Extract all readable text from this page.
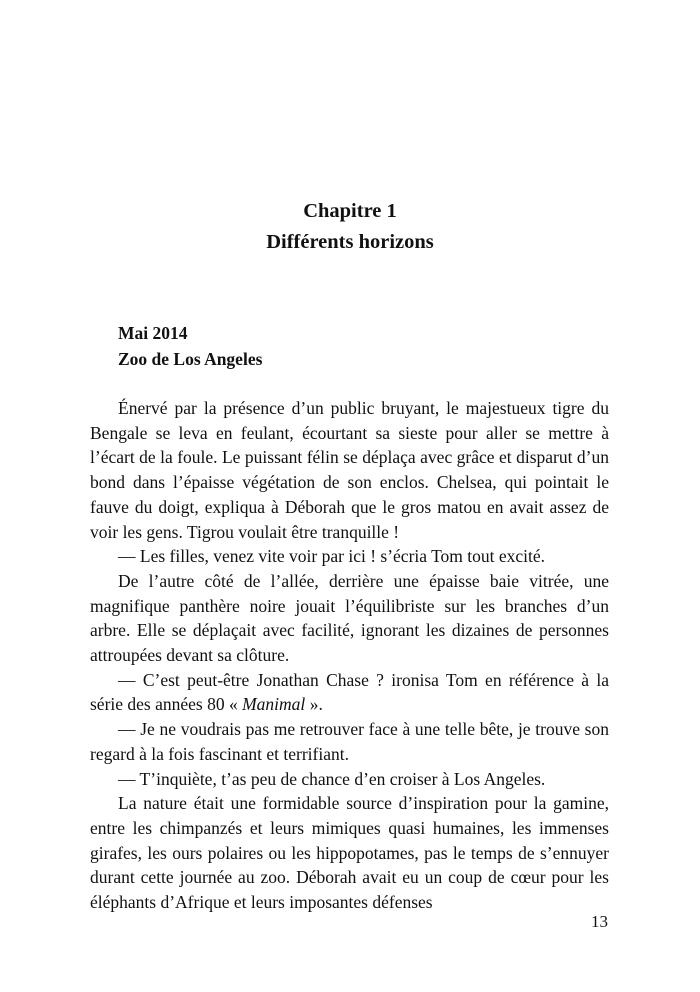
Chapitre 1
Différents horizons
Mai 2014
Zoo de Los Angeles

Énervé par la présence d’un public bruyant, le majestueux tigre du Bengale se leva en feulant, écourtant sa sieste pour aller se mettre à l’écart de la foule. Le puissant félin se déplaça avec grâce et disparut d’un bond dans l’épaisse végétation de son enclos. Chelsea, qui pointait le fauve du doigt, expliqua à Déborah que le gros matou en avait assez de voir les gens. Tigrou voulait être tranquille !

— Les filles, venez vite voir par ici ! s’écria Tom tout excité.

De l’autre côté de l’allée, derrière une épaisse baie vitrée, une magnifique panthère noire jouait l’équilibriste sur les branches d’un arbre. Elle se déplaçait avec facilité, ignorant les dizaines de personnes attroupées devant sa clôture.

— C’est peut-être Jonathan Chase ? ironisa Tom en référence à la série des années 80 « Manimal ».

— Je ne voudrais pas me retrouver face à une telle bête, je trouve son regard à la fois fascinant et terrifiant.

— T’inquiète, t’as peu de chance d’en croiser à Los Angeles.

La nature était une formidable source d’inspiration pour la gamine, entre les chimpanzés et leurs mimiques quasi humaines, les immenses girafes, les ours polaires ou les hippopotames, pas le temps de s’ennuyer durant cette journée au zoo. Déborah avait eu un coup de cœur pour les éléphants d’Afrique et leurs imposantes défenses

13
